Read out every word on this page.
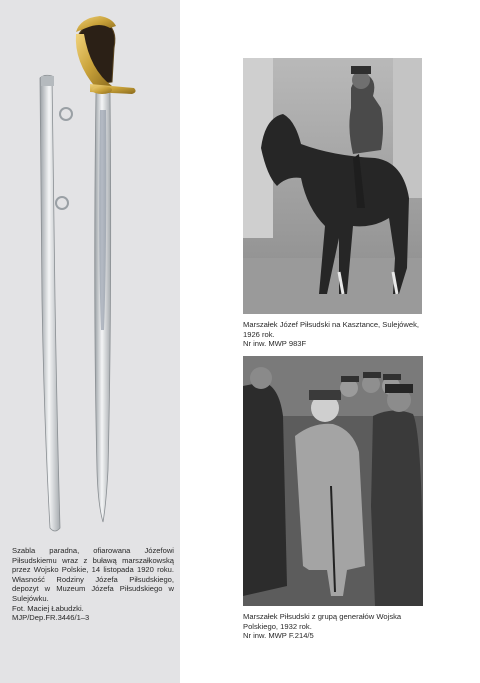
Szabla paradna, ofiarowana Józefowi Piłsudskiemu wraz z buławą marszałkowską przez Wojsko Polskie, 14 listopada 1920 roku. Własność Rodziny Józefa Piłsudskiego, depozyt w Muzeum Józefa Piłsudskiego w Sulejówku.

Fot. Maciej Łabudzki.

MJP/Dep.FR.3446/1–3

Marszałek Józef Piłsudski na Kasztance, Sulejówek, 1926 rok.

Nr inw. MWP 983F

Marszałek Piłsudski z grupą generałów Wojska Polskiego, 1932 rok.

Nr inw. MWP F.214/5
